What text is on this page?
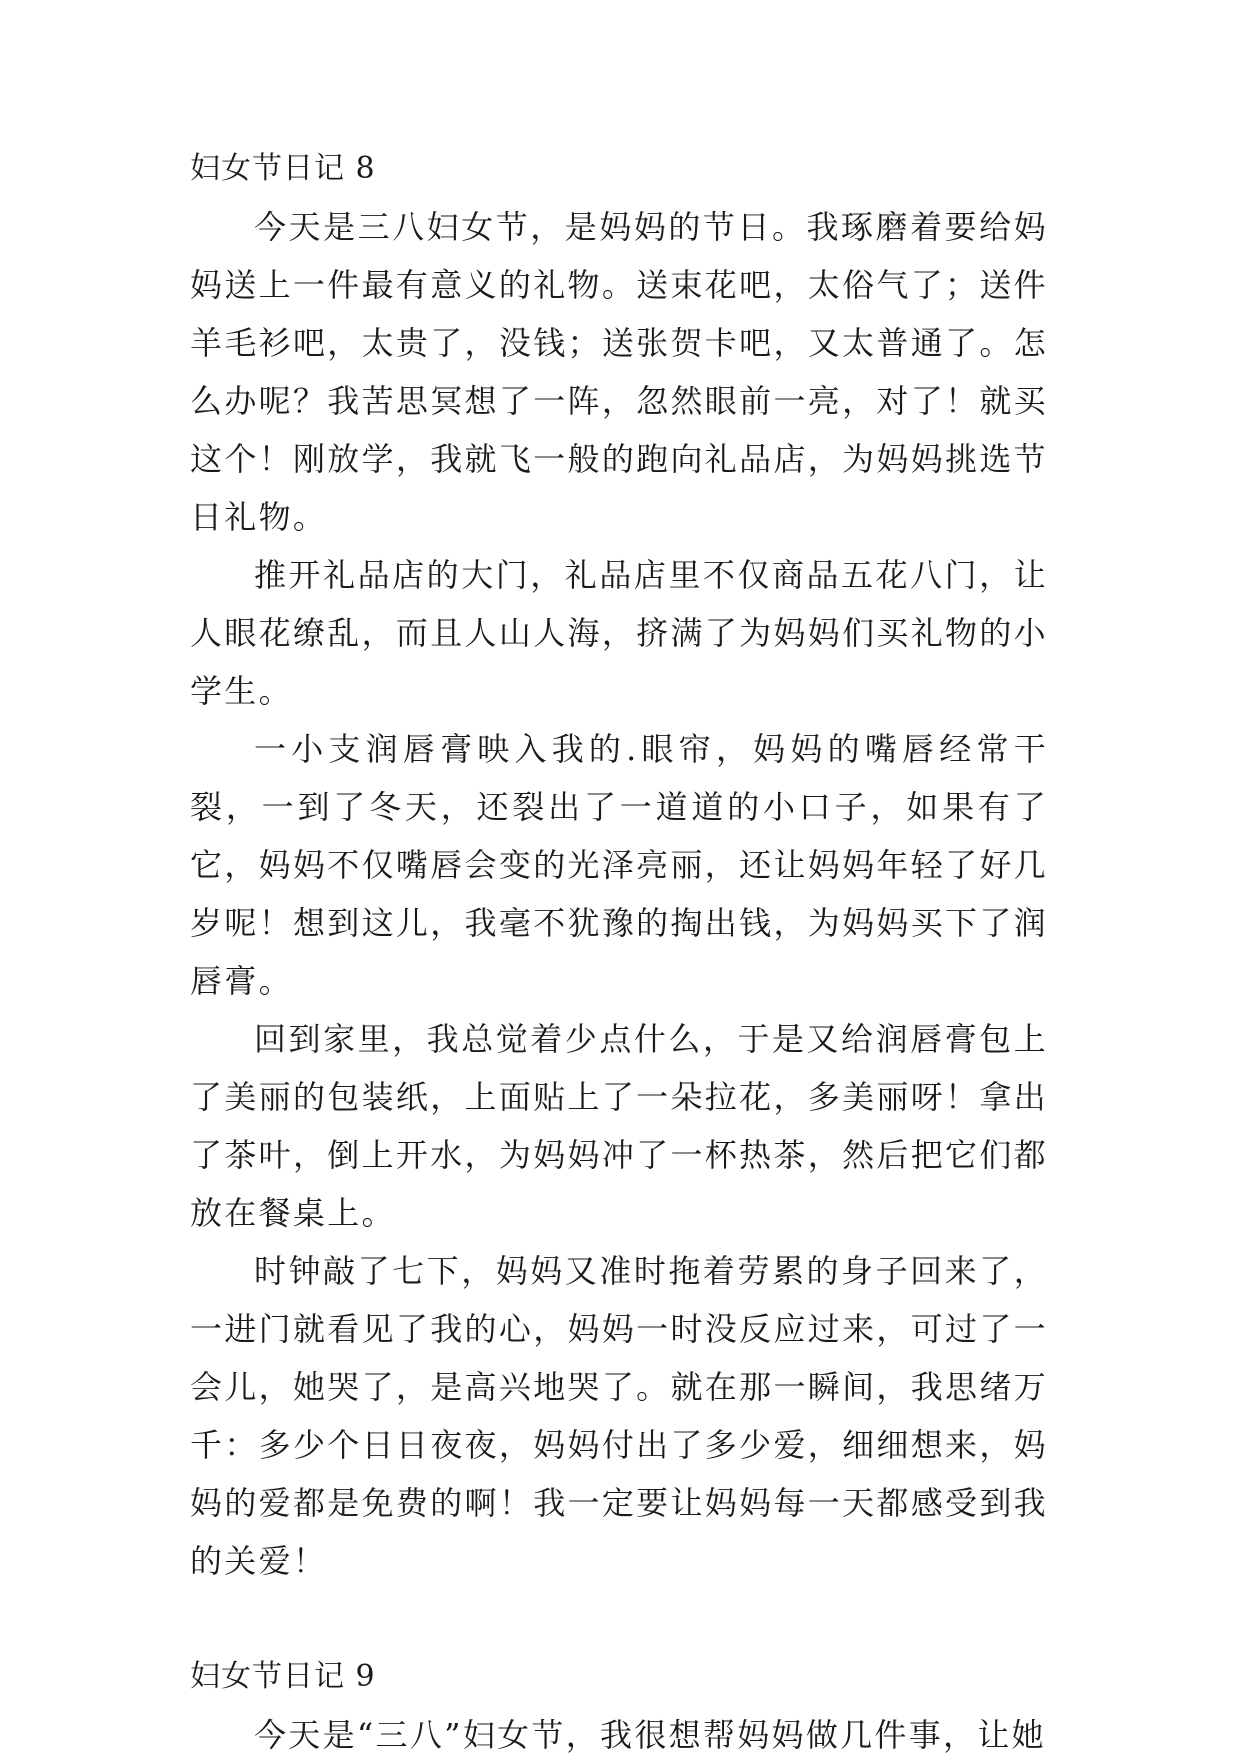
妇女节日记 8

今天是三八妇女节，是妈妈的节日。我琢磨着要给妈妈送上一件最有意义的礼物。送束花吧，太俗气了；送件羊毛衫吧，太贵了，没钱；送张贺卡吧，又太普通了。怎么办呢？我苦思冥想了一阵，忽然眼前一亮，对了！就买这个！刚放学，我就飞一般的跑向礼品店，为妈妈挑选节日礼物。

推开礼品店的大门，礼品店里不仅商品五花八门，让人眼花缭乱，而且人山人海，挤满了为妈妈们买礼物的小学生。

一小支润唇膏映入我的.眼帘，妈妈的嘴唇经常干裂，一到了冬天，还裂出了一道道的小口子，如果有了它，妈妈不仅嘴唇会变的光泽亮丽，还让妈妈年轻了好几岁呢！想到这儿，我毫不犹豫的掏出钱，为妈妈买下了润唇膏。

回到家里，我总觉着少点什么，于是又给润唇膏包上了美丽的包装纸，上面贴上了一朵拉花，多美丽呀！拿出了茶叶，倒上开水，为妈妈冲了一杯热茶，然后把它们都放在餐桌上。

时钟敲了七下，妈妈又准时拖着劳累的身子回来了，一进门就看见了我的心，妈妈一时没反应过来，可过了一会儿，她哭了，是高兴地哭了。就在那一瞬间，我思绪万千：多少个日日夜夜，妈妈付出了多少爱，细细想来，妈妈的爱都是免费的啊！我一定要让妈妈每一天都感受到我的关爱！

妇女节日记 9

今天是“三八”妇女节，我很想帮妈妈做几件事，让她
